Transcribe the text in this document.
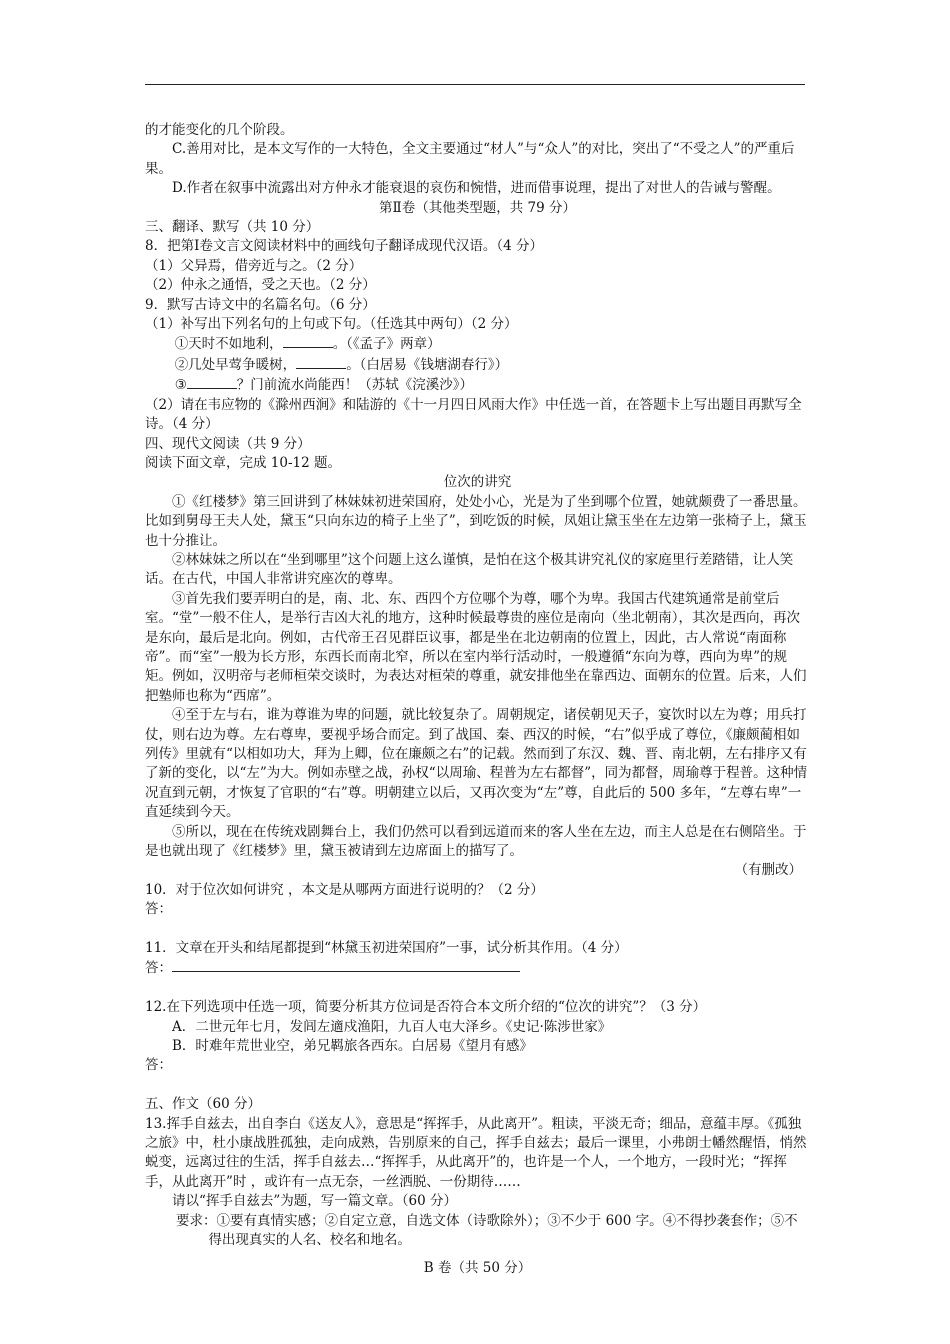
的才能变化的几个阶段。

C.善用对比，是本文写作的一大特色，全文主要通过“材人”与“众人”的对比，突出了“不受之人”的严重后果。

D.作者在叙事中流露出对方仲永才能衰退的哀伤和惋惜，进而借事说理，提出了对世人的告诫与警醒。

第Ⅱ卷（其他类型题，共 79 分）

三、翻译、默写（共 10 分）

8．把第Ⅰ卷文言文阅读材料中的画线句子翻译成现代汉语。（4 分）

（1）父异焉，借旁近与之。（2 分）

（2）仲永之通悟，受之天也。（2 分）

9．默写古诗文中的名篇名句。（6 分）

（1）补写出下列名句的上句或下句。（任选其中两句）（2 分）

①天时不如地利，	。（《孟子》两章）

②几处早莺争暖树，	。（白居易《钱塘湖春行》）

③	？门前流水尚能西！（苏轼《浣溪沙》）

（2）请在韦应物的《滁州西涧》和陆游的《十一月四日风雨大作》中任选一首，在答题卡上写出题目再默写全诗。（4 分）

四、现代文阅读（共 9 分）

阅读下面文章，完成 10-12 题。

位次的讲究

①《红楼梦》第三回讲到了林妹妹初进荣国府，处处小心，光是为了坐到哪个位置，她就颇费了一番思量。比如到舅母王夫人处，黛玉“只向东边的椅子上坐了”，到吃饭的时候，凤姐让黛玉坐在左边第一张椅子上，黛玉也十分推让。

②林妹妹之所以在“坐到哪里”这个问题上这么谨慎，是怕在这个极其讲究礼仪的家庭里行差踏错，让人笑话。在古代，中国人非常讲究座次的尊卑。

③首先我们要弄明白的是，南、北、东、西四个方位哪个为尊，哪个为卑。我国古代建筑通常是前堂后室。“堂”一般不住人，是举行吉凶大礼的地方，这种时候最尊贵的座位是南向（坐北朝南），其次是西向，再次是东向，最后是北向。例如，古代帝王召见群臣议事，都是坐在北边朝南的位置上，因此，古人常说“南面称帝”。而“室”一般为长方形，东西长而南北窄，所以在室内举行活动时，一般遵循“东向为尊，西向为卑”的规矩。例如，汉明帝与老师桓荣交谈时，为表达对桓荣的尊重，就安排他坐在靠西边、面朝东的位置。后来，人们把塾师也称为“西席”。

④至于左与右，谁为尊谁为卑的问题，就比较复杂了。周朝规定，诸侯朝见天子，宴饮时以左为尊；用兵打仗，则右边为尊。左右尊卑，要视乎场合而定。到了战国、秦、西汉的时候，“右”似乎成了尊位，《廉颇蔺相如列传》里就有“以相如功大，拜为上卿，位在廉颇之右”的记载。然而到了东汉、魏、晋、南北朝，左右排序又有了新的变化，以“左”为大。例如赤壁之战，孙权“以周瑜、程普为左右都督”，同为都督，周瑜尊于程普。这种情况直到元朝，才恢复了官职的“右”尊。明朝建立以后，又再次变为“左”尊，自此后的 500 多年，“左尊右卑”一直延续到今天。

⑤所以，现在在传统戏剧舞台上，我们仍然可以看到远道而来的客人坐在左边，而主人总是在右侧陪坐。于是也就出现了《红楼梦》里，黛玉被请到左边席面上的描写了。

（有删改）

10．对于位次如何讲究 ，本文是从哪两方面进行说明的？（2 分）

答：

11．文章在开头和结尾都提到“林黛玉初进荣国府”一事，试分析其作用。（4 分）

答：

12.在下列选项中任选一项，简要分析其方位词是否符合本文所介绍的“位次的讲究”？（3 分）

A．二世元年七月，发闾左適戍渔阳，九百人屯大泽乡。《史记·陈涉世家》

B．时难年荒世业空，弟兄羁旅各西东。白居易《望月有感》

答：

五、作文（60 分）

13.挥手自兹去，出自李白《送友人》，意思是“挥挥手，从此离开”。粗读，平淡无奇；细品，意蕴丰厚。《孤独之旅》中，杜小康战胜孤独，走向成熟，告别原来的自己，挥手自兹去；最后一课里，小弗朗士幡然醒悟，悄然蜕变，远离过往的生活，挥手自兹去…“挥挥手，从此离开”的，也许是一个人，一个地方，一段时光；“挥挥手，从此离开”时 ，或许有一点无奈，一丝洒脱、一份期待……

请以“挥手自兹去”为题，写一篇文章。（60 分）

要求：①要有真情实感；②自定立意，自选文体（诗歌除外）；③不少于 600 字。④不得抄袭套作；⑤不得出现真实的人名、校名和地名。

B 卷（共 50 分）
